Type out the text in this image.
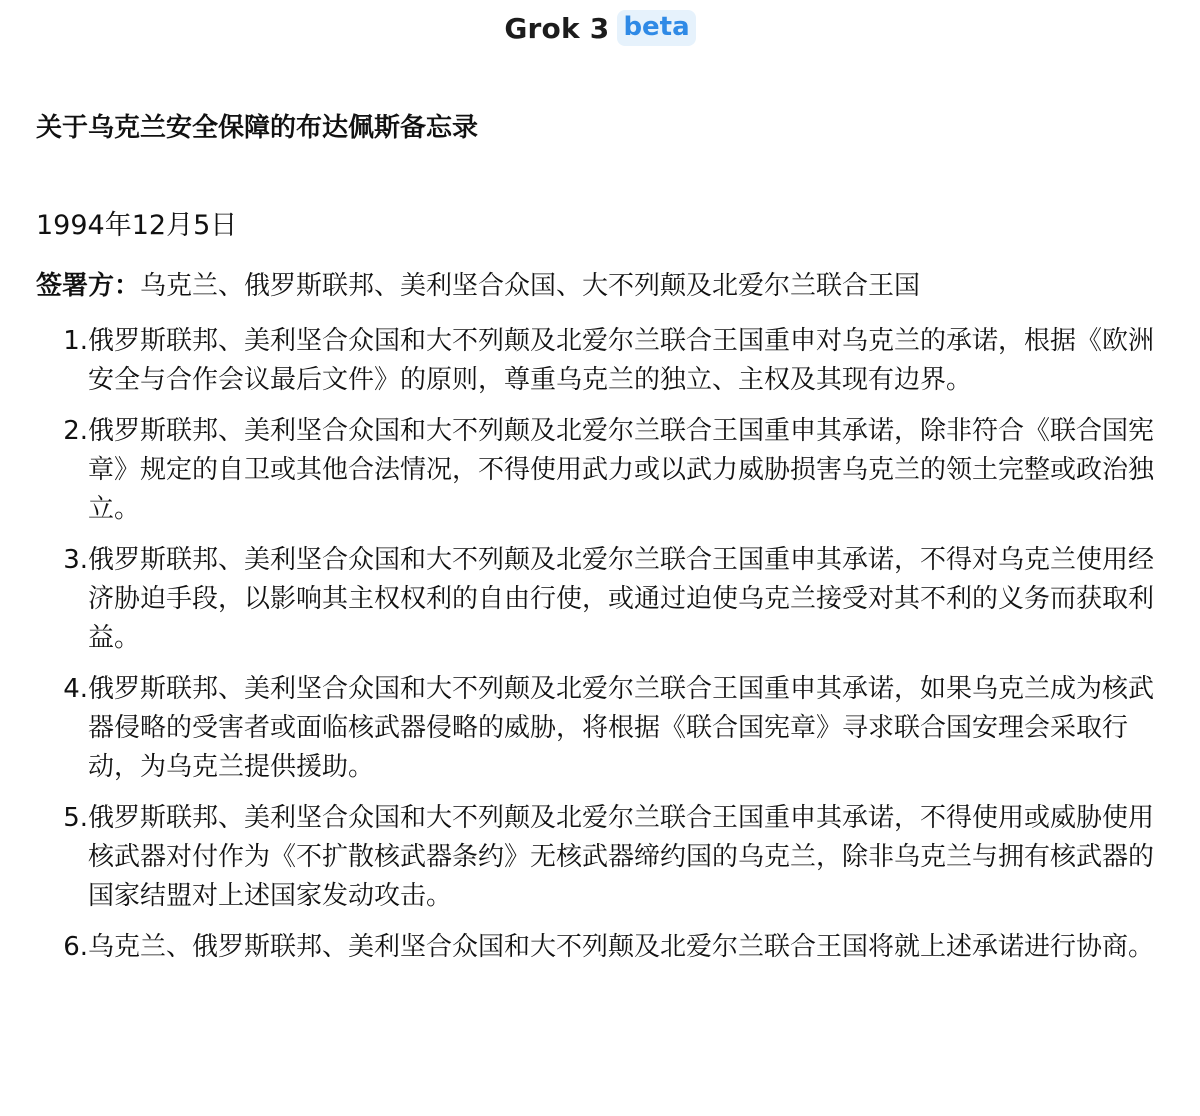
Grok 3 beta
关于乌克兰安全保障的布达佩斯备忘录

1994年12月5日

签署方：乌克兰、俄罗斯联邦、美利坚合众国、大不列颠及北爱尔兰联合王国

1. 俄罗斯联邦、美利坚合众国和大不列颠及北爱尔兰联合王国重申对乌克兰的承诺，根据《欧洲安全与合作会议最后文件》的原则，尊重乌克兰的独立、主权及其现有边界。
2. 俄罗斯联邦、美利坚合众国和大不列颠及北爱尔兰联合王国重申其承诺，除非符合《联合国宪章》规定的自卫或其他合法情况，不得使用武力或以武力威胁损害乌克兰的领土完整或政治独立。
3. 俄罗斯联邦、美利坚合众国和大不列颠及北爱尔兰联合王国重申其承诺，不得对乌克兰使用经济胁迫手段，以影响其主权权利的自由行使，或通过迫使乌克兰接受对其不利的义务而获取利益。
4. 俄罗斯联邦、美利坚合众国和大不列颠及北爱尔兰联合王国重申其承诺，如果乌克兰成为核武器侵略的受害者或面临核武器侵略的威胁，将根据《联合国宪章》寻求联合国安理会采取行动，为乌克兰提供援助。
5. 俄罗斯联邦、美利坚合众国和大不列颠及北爱尔兰联合王国重申其承诺，不得使用或威胁使用核武器对付作为《不扩散核武器条约》无核武器缔约国的乌克兰，除非乌克兰与拥有核武器的国家结盟对上述国家发动攻击。
6. 乌克兰、俄罗斯联邦、美利坚合众国和大不列颠及北爱尔兰联合王国将就上述承诺进行协商。
